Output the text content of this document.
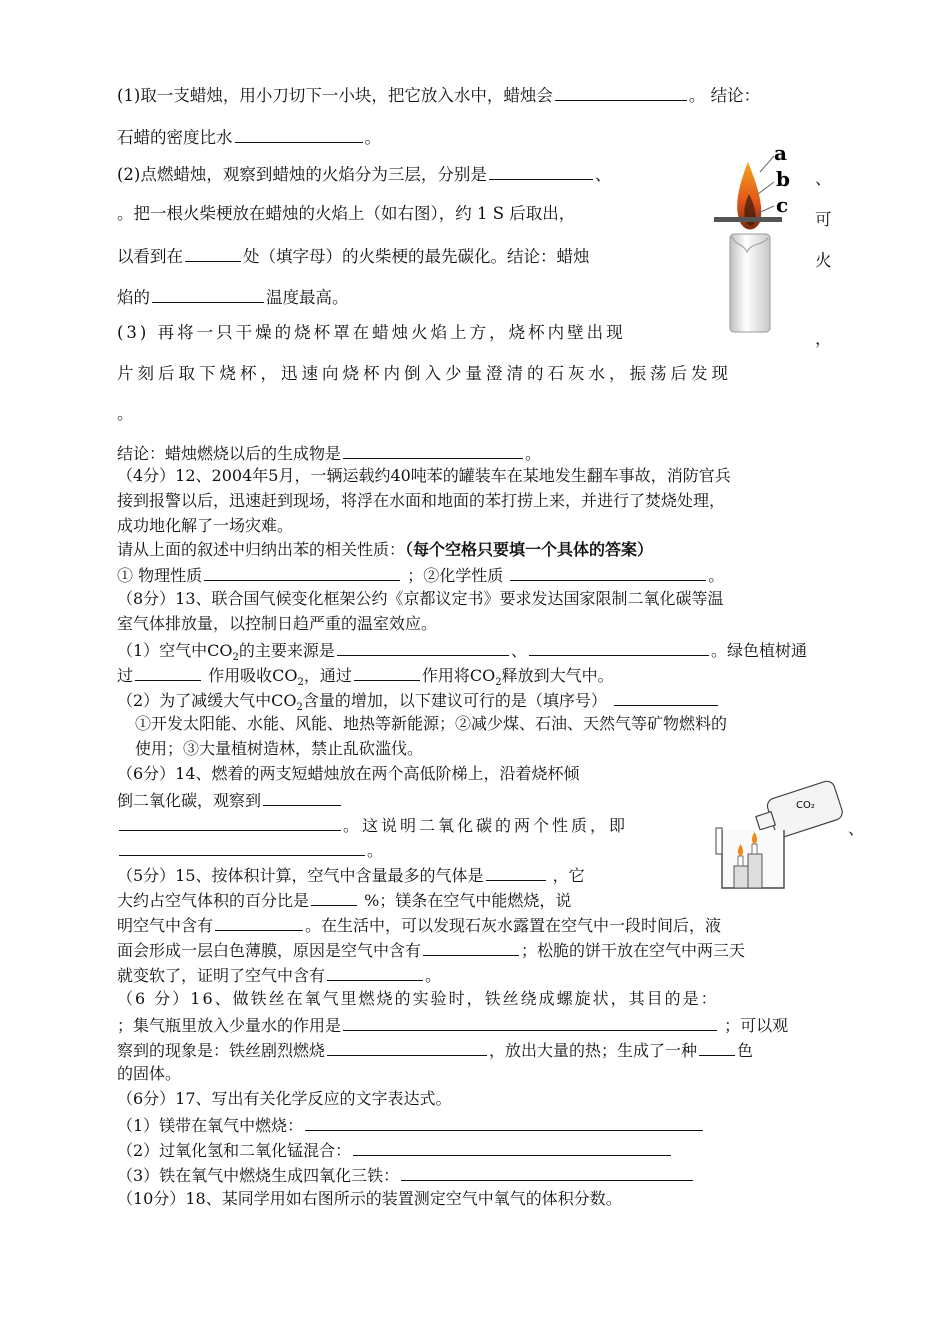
(1)取一支蜡烛，用小刀切下一小块，把它放入水中，蜡烛会	。 结论：
石蜡的密度比水	。
(2)点燃蜡烛，观察到蜡烛的火焰分为三层，分别是	、	、
。把一根火柴梗放在蜡烛的火焰上（如右图），约 1 S 后取出，	可
以看到在	处（填字母）的火柴梗的最先碳化。结论：蜡烛	火
焰的	温度最高。
(3) 再将一只干燥的烧杯罩在蜡烛火焰上方，烧杯内壁出现	，
片刻后取下烧杯，迅速向烧杯内倒入少量澄清的石灰水，振荡后发现
。
结论：蜡烛燃烧以后的生成物是	。
a
b
c
（4分）12、2004年5月，一辆运载约40吨苯的罐装车在某地发生翻车事故，消防官兵
接到报警以后，迅速赶到现场，将浮在水面和地面的苯打捞上来，并进行了焚烧处理，
成功地化解了一场灾难。
请从上面的叙述中归纳出苯的相关性质：（每个空格只要填一个具体的答案）
① 物理性质	；②化学性质	。
（8分）13、联合国气候变化框架公约《京都议定书》要求发达国家限制二氧化碳等温
室气体排放量，以控制日趋严重的温室效应。
（1）空气中$CO_2$的主要来源是	、	。绿色植树通
过	作用吸收$CO_2$，通过	作用将$CO_2$释放到大气中。
（2）为了减缓大气中$CO_2$含量的增加，以下建议可行的是（填序号）
①开发太阳能、水能、风能、地热等新能源；②减少煤、石油、天然气等矿物燃料的
使用；③大量植树造林，禁止乱砍滥伐。
（6分）14、燃着的两支短蜡烛放在两个高低阶梯上，沿着烧杯倾
倒二氧化碳，观察到
。这说明二氧化碳的两个性质，即	、
。
CO₂
（5分）15、按体积计算，空气中含量最多的气体是	，它
大约占空气体积的百分比是	%；镁条在空气中能燃烧，说
明空气中含有	。在生活中，可以发现石灰水露置在空气中一段时间后，液
面会形成一层白色薄膜，原因是空气中含有	；松脆的饼干放在空气中两三天
就变软了，证明了空气中含有	。
（6 分）16、做铁丝在氧气里燃烧的实验时，铁丝绕成螺旋状，其目的是：
；集气瓶里放入少量水的作用是	；可以观
察到的现象是：铁丝剧烈燃烧	，放出大量的热；生成了一种	色
的固体。
（6分）17、写出有关化学反应的文字表达式。
（1）镁带在氧气中燃烧：
（2）过氧化氢和二氧化锰混合：
（3）铁在氧气中燃烧生成四氧化三铁：
（10分）18、某同学用如右图所示的装置测定空气中氧气的体积分数。
